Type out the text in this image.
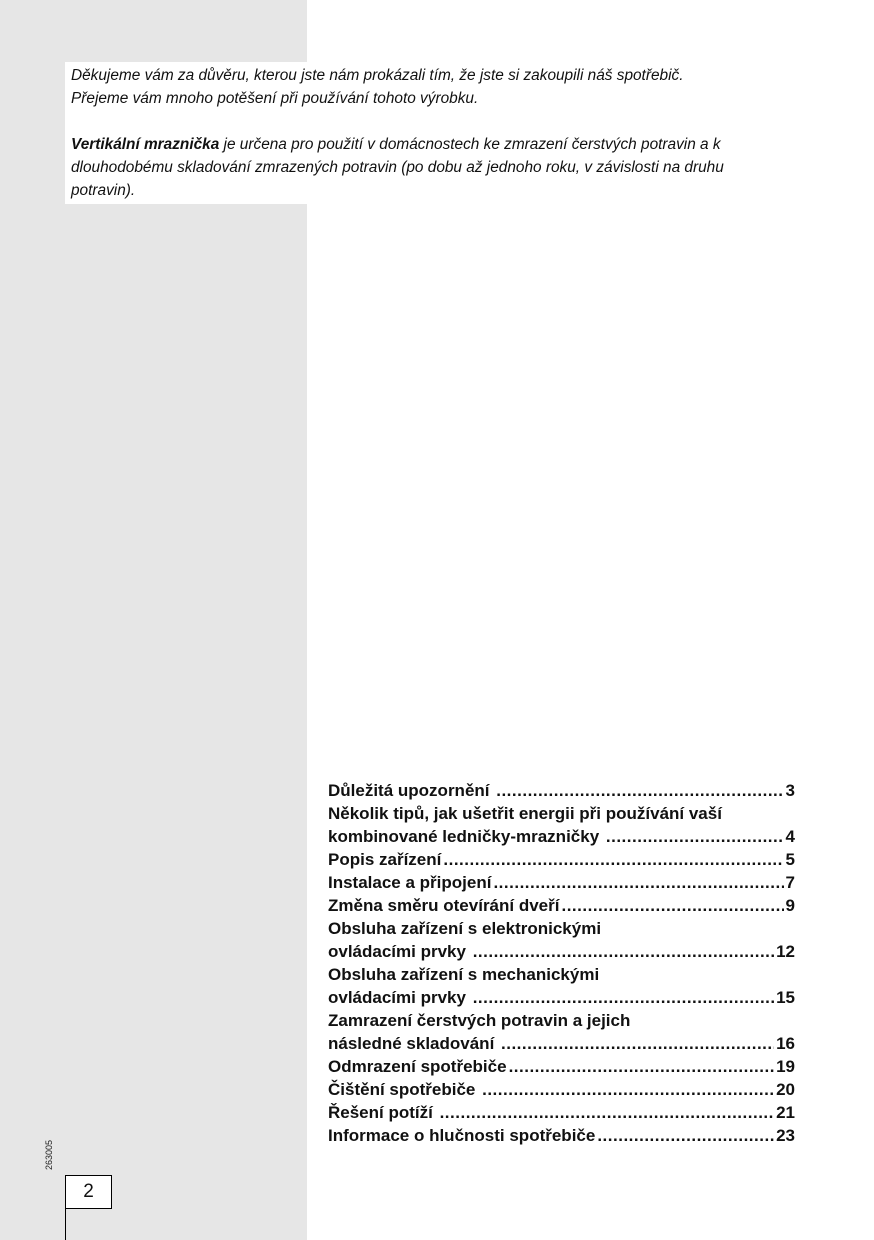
Děkujeme vám za důvěru, kterou jste nám prokázali tím, že jste si zakoupili náš spotřebič.
Přejeme vám mnoho potěšení při používání tohoto výrobku.

Vertikální mraznička je určena pro použití v domácnostech ke zmrazení čerstvých potravin a k dlouhodobému skladování zmrazených potravin (po dobu až jednoho roku, v závislosti na druhu potravin).

Důležitá upozornění .....	3
Několik tipů, jak ušetřit energii při používání vaší
kombinované ledničky-mrazničky .....	4
Popis zařízení .....	5
Instalace a připojení .....	7
Změna směru otevírání dveří .....	9
Obsluha zařízení s elektronickými
ovládacími prvky .....	12
Obsluha zařízení s mechanickými
ovládacími prvky .....	15
Zamrazení čerstvých potravin a jejich
následné skladování .....	16
Odmrazení spotřebiče .....	19
Čištění spotřebiče .....	20
Řešení potíží .....	21
Informace o hlučnosti spotřebiče .....	23
263005
2
